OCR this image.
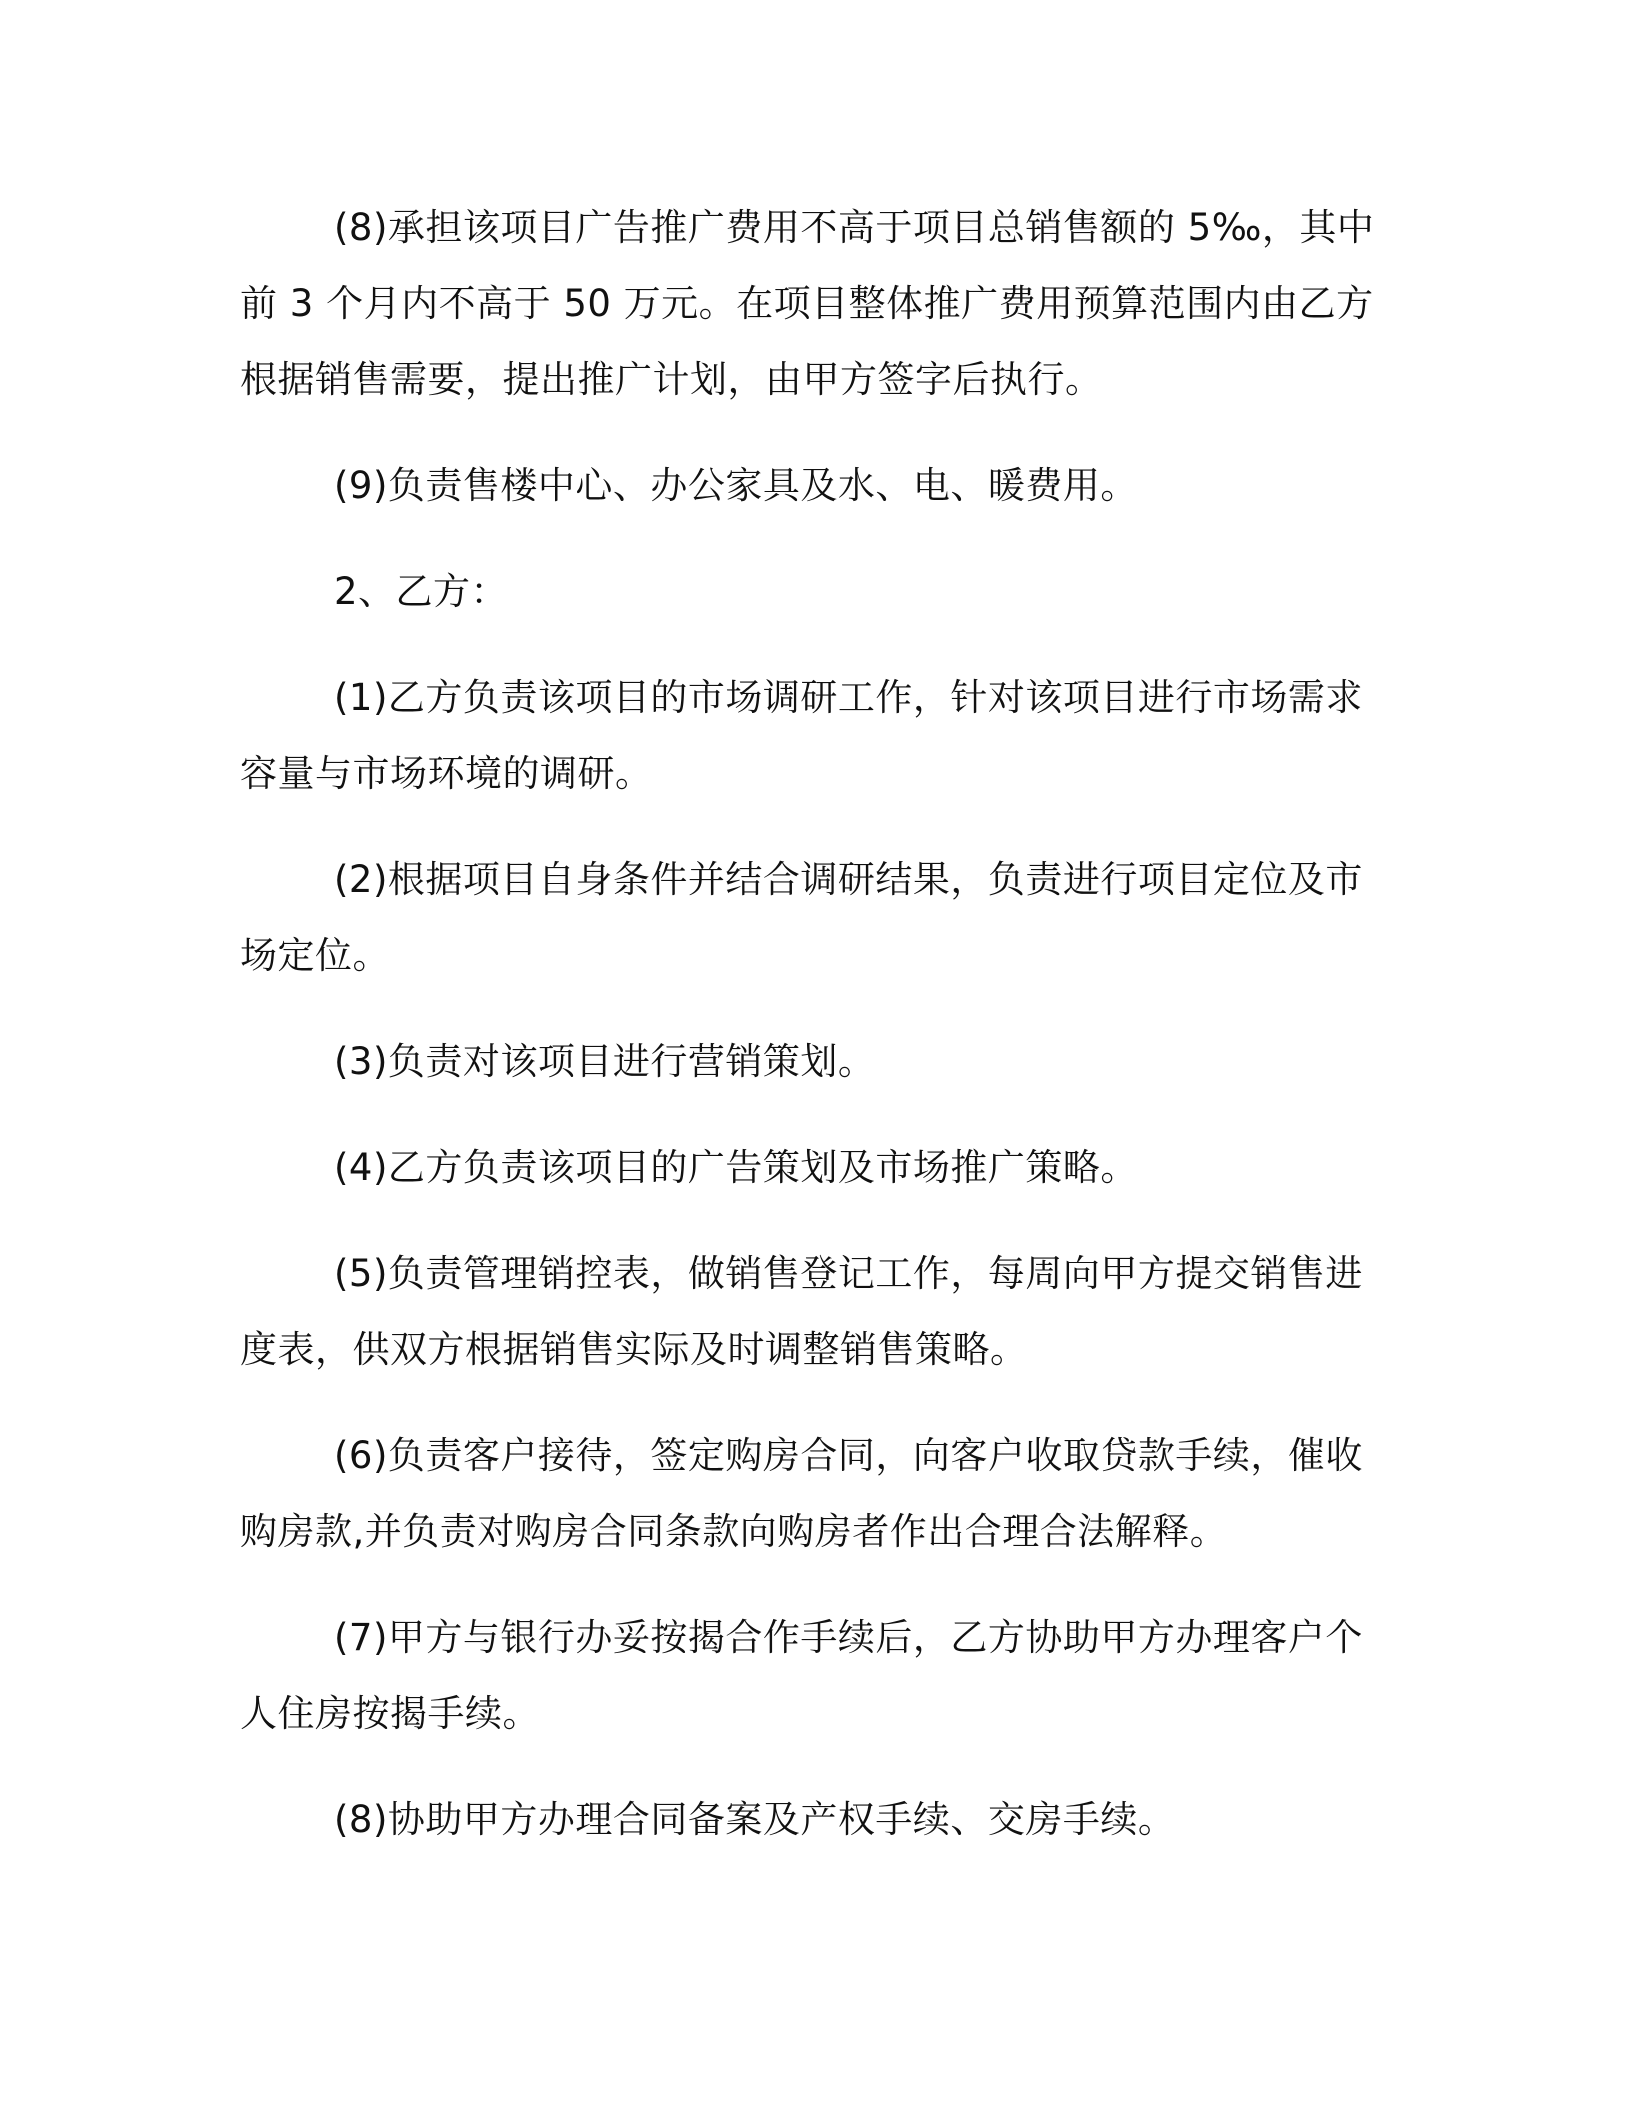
(8)承担该项目广告推广费用不高于项目总销售额的 5‰，其中前 3 个月内不高于 50 万元。在项目整体推广费用预算范围内由乙方根据销售需要，提出推广计划，由甲方签字后执行。

(9)负责售楼中心、办公家具及水、电、暖费用。

2、乙方：

(1)乙方负责该项目的市场调研工作，针对该项目进行市场需求容量与市场环境的调研。

(2)根据项目自身条件并结合调研结果，负责进行项目定位及市场定位。

(3)负责对该项目进行营销策划。

(4)乙方负责该项目的广告策划及市场推广策略。

(5)负责管理销控表，做销售登记工作，每周向甲方提交销售进度表，供双方根据销售实际及时调整销售策略。

(6)负责客户接待，签定购房合同，向客户收取贷款手续，催收购房款,并负责对购房合同条款向购房者作出合理合法解释。

(7)甲方与银行办妥按揭合作手续后，乙方协助甲方办理客户个人住房按揭手续。

(8)协助甲方办理合同备案及产权手续、交房手续。
